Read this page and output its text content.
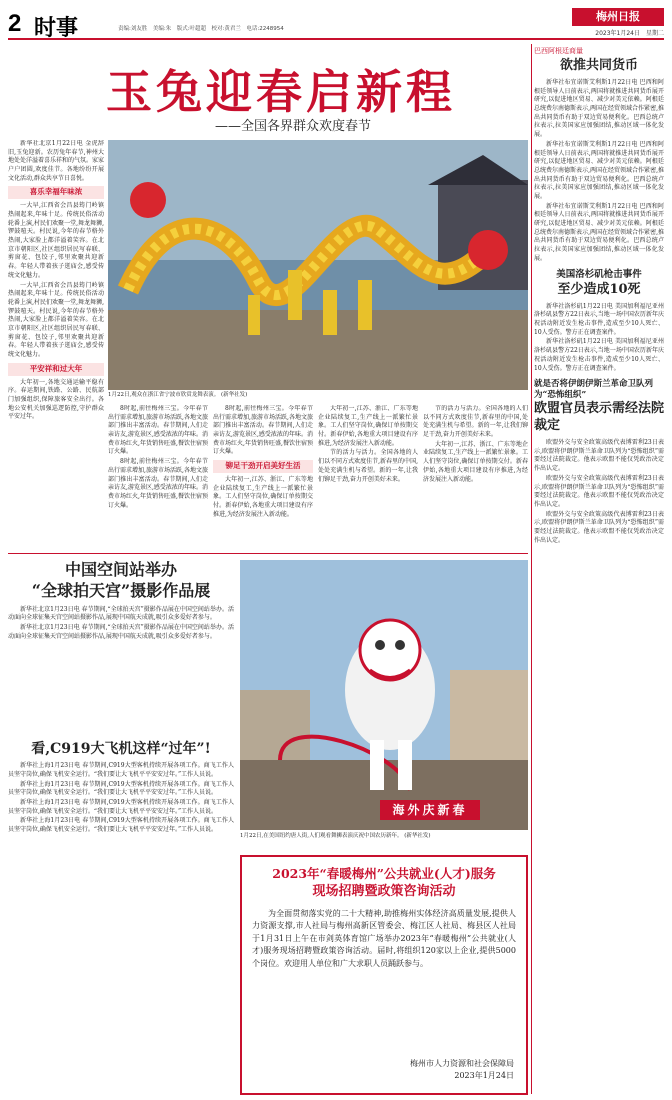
2 时事	责编:刘友胜　美编:朱　版式:叶超超　校对:黄君兰　电话:2248954
梅州日报
2023年1月24日 星期二
玉兔迎春启新程
——全国各界群众欢度春节

新华社北京1月22日电 金虎辞旧,玉兔迎新。农历兔年春节,神州大地处处洋溢着喜乐祥和的气氛。家家户户团圆,欢度佳节。各地纷纷开展文化活动,群众共享节日喜悦。

喜乐幸福年味浓

一大早,江西省会昌县筠门岭镇热闹起来,年味十足。传统民俗活动轮番上演,村民们欢聚一堂,舞龙舞狮,锣鼓喧天。村民说,今年的春节格外热闹,大家脸上都洋溢着笑容。在北京市朝阳区,社区组织居民写春联、剪窗花、包饺子,邻里欢聚共迎新春。年轻人带着孩子逛庙会,感受传统文化魅力。

一大早,江西省会昌县筠门岭镇热闹起来,年味十足。传统民俗活动轮番上演,村民们欢聚一堂,舞龙舞狮,锣鼓喧天。村民说,今年的春节格外热闹,大家脸上都洋溢着笑容。在北京市朝阳区,社区组织居民写春联、剪窗花、包饺子,邻里欢聚共迎新春。年轻人带着孩子逛庙会,感受传统文化魅力。

平安祥和过大年

大年初一,各地交通运输平稳有序。春运期间,铁路、公路、民航部门加强组织,保障旅客安全出行。各地公安机关加强巡逻防控,守护群众平安过年。

1月22日,观众在浙江省宁波市欣赏龙舞表演。 (新华社发)

8时起,前往梅州三宝。今年春节出行需求增加,旅游市场活跃,各地文旅部门推出丰富活动。春节期间,人们走亲访友,游览景区,感受浓浓的年味。消费市场红火,年货销售旺盛,餐饮住宿预订火爆。

8时起,前往梅州三宝。今年春节出行需求增加,旅游市场活跃,各地文旅部门推出丰富活动。春节期间,人们走亲访友,游览景区,感受浓浓的年味。消费市场红火,年货销售旺盛,餐饮住宿预订火爆。

8时起,前往梅州三宝。今年春节出行需求增加,旅游市场活跃,各地文旅部门推出丰富活动。春节期间,人们走亲访友,游览景区,感受浓浓的年味。消费市场红火,年货销售旺盛,餐饮住宿预订火爆。

铆足干劲开启美好生活

大年初一,江苏、浙江、广东等地企业陆续复工,生产线上一派繁忙景象。工人们坚守岗位,确保订单按期交付。新春伊始,各地重大项目建设有序推进,为经济发展注入新动能。

大年初一,江苏、浙江、广东等地企业陆续复工,生产线上一派繁忙景象。工人们坚守岗位,确保订单按期交付。新春伊始,各地重大项目建设有序推进,为经济发展注入新动能。

节的活力与活力。全国各地的人们以不同方式欢度佳节,新春里的中国,处处充满生机与希望。新的一年,让我们铆足干劲,奋力开创美好未来。

节的活力与活力。全国各地的人们以不同方式欢度佳节,新春里的中国,处处充满生机与希望。新的一年,让我们铆足干劲,奋力开创美好未来。

大年初一,江苏、浙江、广东等地企业陆续复工,生产线上一派繁忙景象。工人们坚守岗位,确保订单按期交付。新春伊始,各地重大项目建设有序推进,为经济发展注入新动能。

中国空间站举办
“全球拍天宫”摄影作品展

新华社北京1月23日电 春节期间,“全球拍天宫”摄影作品展在中国空间站举办。活动面向全球征集天宫空间站摄影作品,展现中国航天成就,吸引众多爱好者参与。

新华社北京1月23日电 春节期间,“全球拍天宫”摄影作品展在中国空间站举办。活动面向全球征集天宫空间站摄影作品,展现中国航天成就,吸引众多爱好者参与。

看,C919大飞机这样“过年”!

新华社上海1月23日电 春节期间,C919大型客机持续开展各项工作。商飞工作人员坚守岗位,确保飞机安全运行。“我们要让大飞机平平安安过年。”工作人员说。

新华社上海1月23日电 春节期间,C919大型客机持续开展各项工作。商飞工作人员坚守岗位,确保飞机安全运行。“我们要让大飞机平平安安过年。”工作人员说。

新华社上海1月23日电 春节期间,C919大型客机持续开展各项工作。商飞工作人员坚守岗位,确保飞机安全运行。“我们要让大飞机平平安安过年。”工作人员说。

新华社上海1月23日电 春节期间,C919大型客机持续开展各项工作。商飞工作人员坚守岗位,确保飞机安全运行。“我们要让大飞机平平安安过年。”工作人员说。

海外庆新春
1月22日,在美国纽约唐人街,人们观看舞狮表演庆祝中国农历新年。 (新华社发)
2023年“春暖梅州”公共就业(人才)服务
现场招聘暨政策咨询活动

为全面贯彻落实党的二十大精神,助推梅州实体经济高质量发展,提供人力资源支撑,市人社局与梅州高新区管委会、梅江区人社局、梅县区人社局于1月31日上午在市剑英体育馆广场举办2023年“春暖梅州”公共就业(人才)服务现场招聘暨政策咨询活动。届时,将组织120家以上企业,提供5000个岗位。欢迎用人单位和广大求职人员踊跃参与。

梅州市人力资源和社会保障局
2023年1月24日
巴西阿根廷商量
欲推共同货币

新华社布宜诺斯艾利斯1月22日电 巴西和阿根廷领导人日前表示,两国将就推进共同货币展开研究,以促进地区贸易、减少对美元依赖。阿根廷总统费尔南德斯表示,两国在经贸领域合作紧密,推出共同货币有助于双边贸易便利化。巴西总统卢拉表示,拉美国家应加强团结,推动区域一体化发展。

新华社布宜诺斯艾利斯1月22日电 巴西和阿根廷领导人日前表示,两国将就推进共同货币展开研究,以促进地区贸易、减少对美元依赖。阿根廷总统费尔南德斯表示,两国在经贸领域合作紧密,推出共同货币有助于双边贸易便利化。巴西总统卢拉表示,拉美国家应加强团结,推动区域一体化发展。

新华社布宜诺斯艾利斯1月22日电 巴西和阿根廷领导人日前表示,两国将就推进共同货币展开研究,以促进地区贸易、减少对美元依赖。阿根廷总统费尔南德斯表示,两国在经贸领域合作紧密,推出共同货币有助于双边贸易便利化。巴西总统卢拉表示,拉美国家应加强团结,推动区域一体化发展。

美国洛杉矶枪击事件
至少造成10死

新华社洛杉矶1月22日电 美国加利福尼亚州洛杉矶县警方22日表示,当地一场中国农历新年庆祝活动附近发生枪击事件,造成至少10人死亡、10人受伤。警方正在调查案件。

新华社洛杉矶1月22日电 美国加利福尼亚州洛杉矶县警方22日表示,当地一场中国农历新年庆祝活动附近发生枪击事件,造成至少10人死亡、10人受伤。警方正在调查案件。

就是否将伊朗伊斯兰革命卫队列为“恐怖组织”
欧盟官员表示需经法院裁定

欧盟外交与安全政策高级代表博雷利23日表示,欧盟将伊朗伊斯兰革命卫队列为“恐怖组织”需要经过法院裁定。他表示欧盟不能仅凭政治决定作出认定。

欧盟外交与安全政策高级代表博雷利23日表示,欧盟将伊朗伊斯兰革命卫队列为“恐怖组织”需要经过法院裁定。他表示欧盟不能仅凭政治决定作出认定。

欧盟外交与安全政策高级代表博雷利23日表示,欧盟将伊朗伊斯兰革命卫队列为“恐怖组织”需要经过法院裁定。他表示欧盟不能仅凭政治决定作出认定。
